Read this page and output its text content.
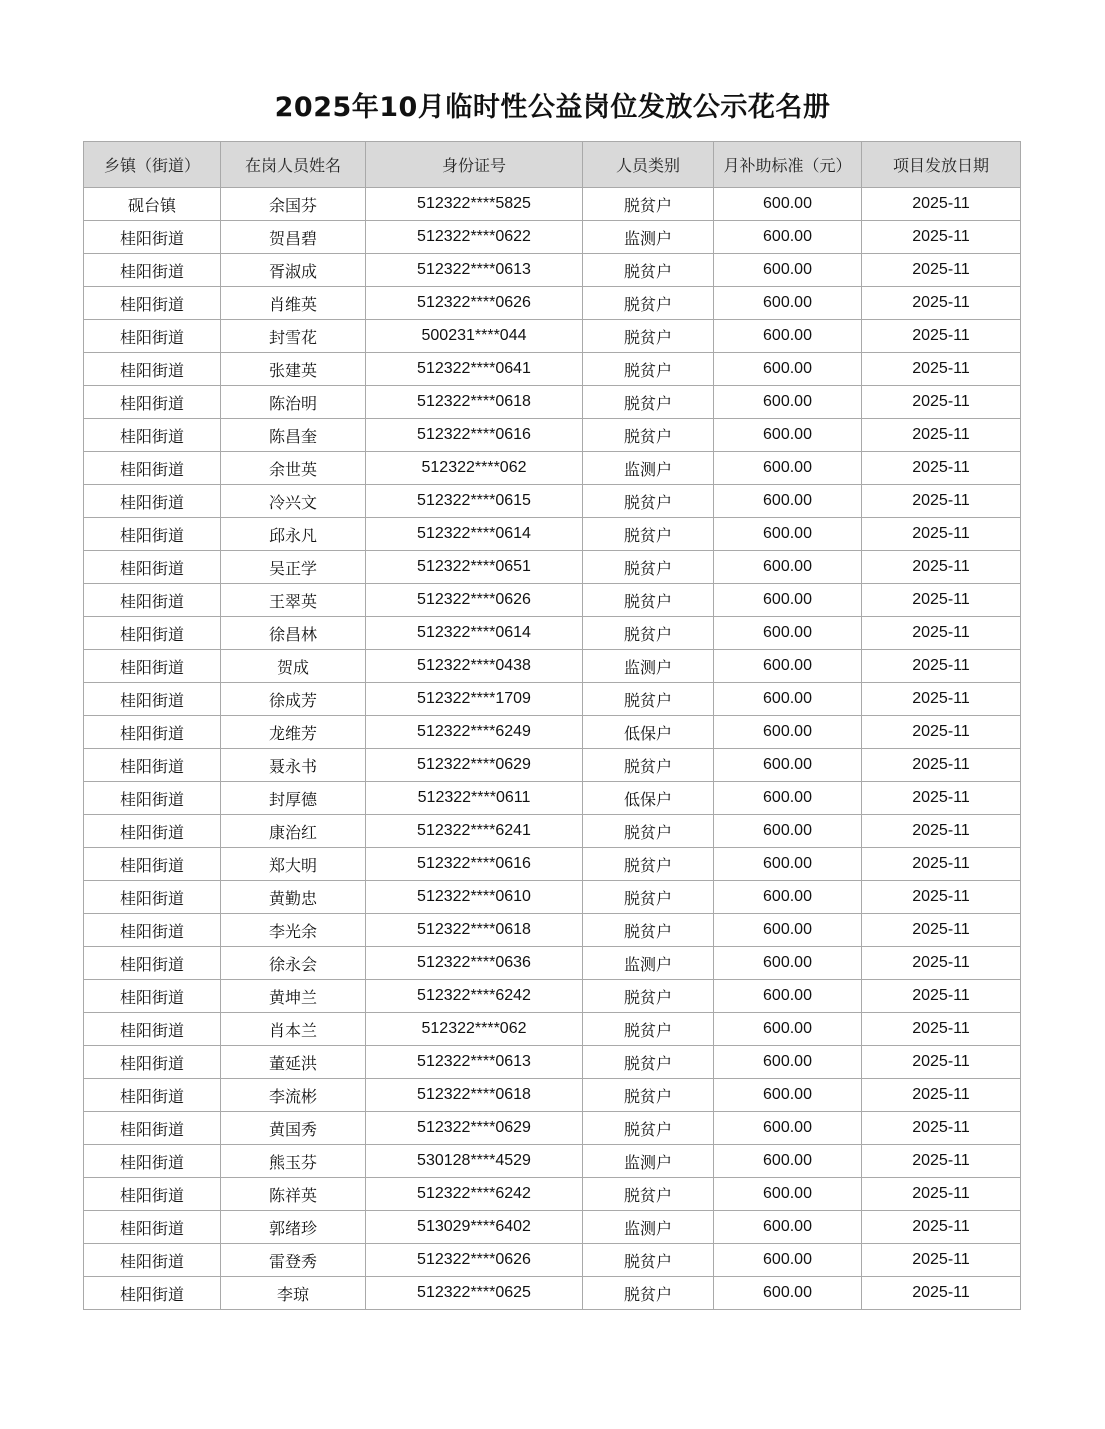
2025年10月临时性公益岗位发放公示花名册
乡镇（街道）	在岗人员姓名	身份证号	人员类别	月补助标准（元）	项目发放日期
砚台镇	余国芬	512322****5825	脱贫户	600.00	2025-11
桂阳街道	贺昌碧	512322****0622	监测户	600.00	2025-11
桂阳街道	胥淑成	512322****0613	脱贫户	600.00	2025-11
桂阳街道	肖维英	512322****0626	脱贫户	600.00	2025-11
桂阳街道	封雪花	500231****044	脱贫户	600.00	2025-11
桂阳街道	张建英	512322****0641	脱贫户	600.00	2025-11
桂阳街道	陈治明	512322****0618	脱贫户	600.00	2025-11
桂阳街道	陈昌奎	512322****0616	脱贫户	600.00	2025-11
桂阳街道	余世英	512322****062	监测户	600.00	2025-11
桂阳街道	冷兴文	512322****0615	脱贫户	600.00	2025-11
桂阳街道	邱永凡	512322****0614	脱贫户	600.00	2025-11
桂阳街道	吴正学	512322****0651	脱贫户	600.00	2025-11
桂阳街道	王翠英	512322****0626	脱贫户	600.00	2025-11
桂阳街道	徐昌林	512322****0614	脱贫户	600.00	2025-11
桂阳街道	贺成	512322****0438	监测户	600.00	2025-11
桂阳街道	徐成芳	512322****1709	脱贫户	600.00	2025-11
桂阳街道	龙维芳	512322****6249	低保户	600.00	2025-11
桂阳街道	聂永书	512322****0629	脱贫户	600.00	2025-11
桂阳街道	封厚德	512322****0611	低保户	600.00	2025-11
桂阳街道	康治红	512322****6241	脱贫户	600.00	2025-11
桂阳街道	郑大明	512322****0616	脱贫户	600.00	2025-11
桂阳街道	黄勤忠	512322****0610	脱贫户	600.00	2025-11
桂阳街道	李光余	512322****0618	脱贫户	600.00	2025-11
桂阳街道	徐永会	512322****0636	监测户	600.00	2025-11
桂阳街道	黄坤兰	512322****6242	脱贫户	600.00	2025-11
桂阳街道	肖本兰	512322****062	脱贫户	600.00	2025-11
桂阳街道	董延洪	512322****0613	脱贫户	600.00	2025-11
桂阳街道	李流彬	512322****0618	脱贫户	600.00	2025-11
桂阳街道	黄国秀	512322****0629	脱贫户	600.00	2025-11
桂阳街道	熊玉芬	530128****4529	监测户	600.00	2025-11
桂阳街道	陈祥英	512322****6242	脱贫户	600.00	2025-11
桂阳街道	郭绪珍	513029****6402	监测户	600.00	2025-11
桂阳街道	雷登秀	512322****0626	脱贫户	600.00	2025-11
桂阳街道	李琼	512322****0625	脱贫户	600.00	2025-11
